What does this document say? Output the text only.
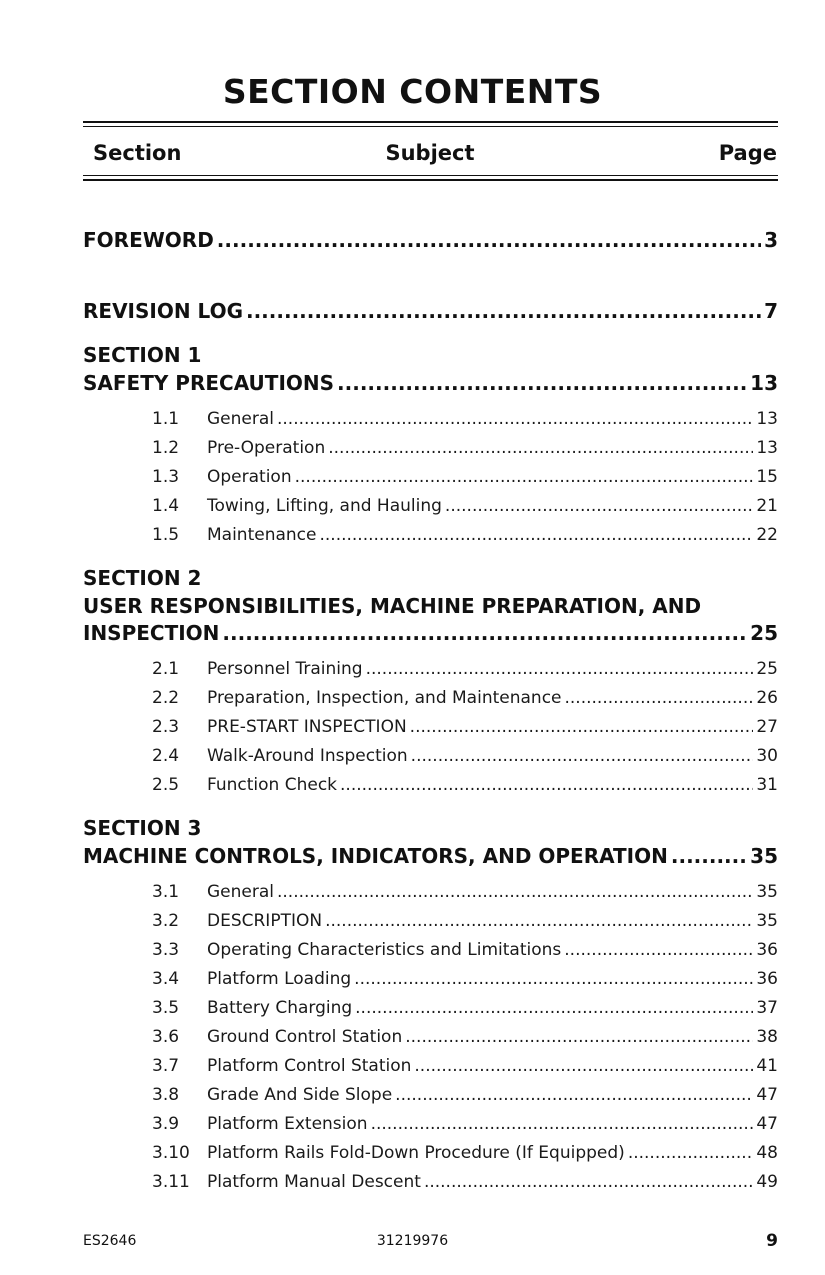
SECTION CONTENTS
Section	Subject	Page
FOREWORD .....	3
REVISION LOG .....	7
SECTION 1
SAFETY PRECAUTIONS .....	13
1.1 General .....	13
1.2 Pre-Operation .....	13
1.3 Operation .....	15
1.4 Towing, Lifting, and Hauling .....	21
1.5 Maintenance .....	22
SECTION 2
USER RESPONSIBILITIES, MACHINE PREPARATION, AND
INSPECTION .....	25
2.1 Personnel Training .....	25
2.2 Preparation, Inspection, and Maintenance .....	26
2.3 PRE-START INSPECTION .....	27
2.4 Walk-Around Inspection .....	30
2.5 Function Check .....	31
SECTION 3
MACHINE CONTROLS, INDICATORS, AND OPERATION .....	35
3.1 General .....	35
3.2 DESCRIPTION .....	35
3.3 Operating Characteristics and Limitations .....	36
3.4 Platform Loading .....	36
3.5 Battery Charging .....	37
3.6 Ground Control Station .....	38
3.7 Platform Control Station .....	41
3.8 Grade And Side Slope .....	47
3.9 Platform Extension .....	47
3.10 Platform Rails Fold-Down Procedure (If Equipped) .....	48
3.11 Platform Manual Descent .....	49
ES2646	31219976	9
